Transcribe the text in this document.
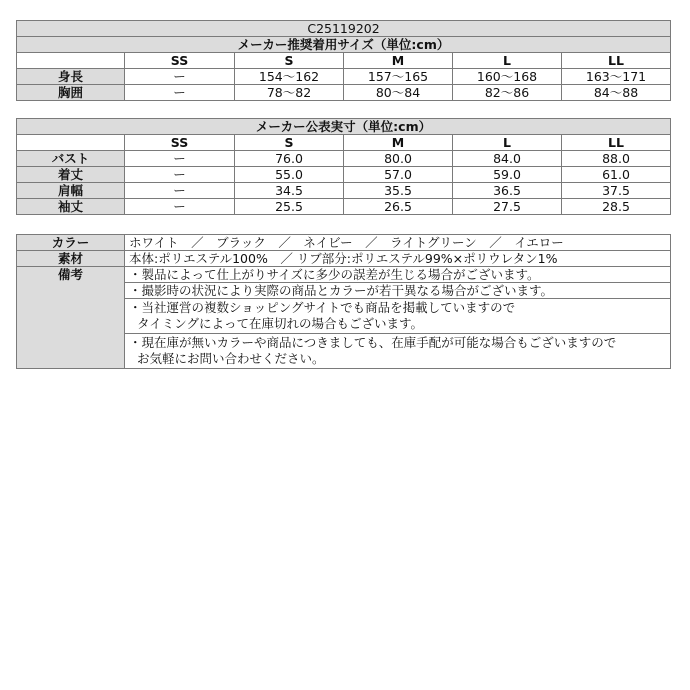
C25119202					
メーカー推奨着用サイズ（単位:cm）					
	SS	S	M	L	LL
身長	ー	154～162	157～165	160～168	163～171
胸囲	ー	78～82	80～84	82～86	84～88
メーカー公表実寸（単位:cm）					
	SS	S	M	L	LL
バスト	ー	76.0	80.0	84.0	88.0
着丈	ー	55.0	57.0	59.0	61.0
肩幅	ー	34.5	35.5	36.5	37.5
袖丈	ー	25.5	26.5	27.5	28.5
カラー	ホワイト　／　ブラック　／　ネイビー　／　ライトグリーン　／　イエロー
素材	本体:ポリエステル100%　／ リブ部分:ポリエステル99%×ポリウレタン1%
備考	・製品によって仕上がりサイズに多少の誤差が生じる場合がございます。
	・撮影時の状況により実際の商品とカラーが若干異なる場合がございます。

	・当社運営の複数ショッピングサイトでも商品を掲載していますので
タイミングによって在庫切れの場合もございます。

	・現在庫が無いカラーや商品につきましても、在庫手配が可能な場合もございますので
お気軽にお問い合わせください。
